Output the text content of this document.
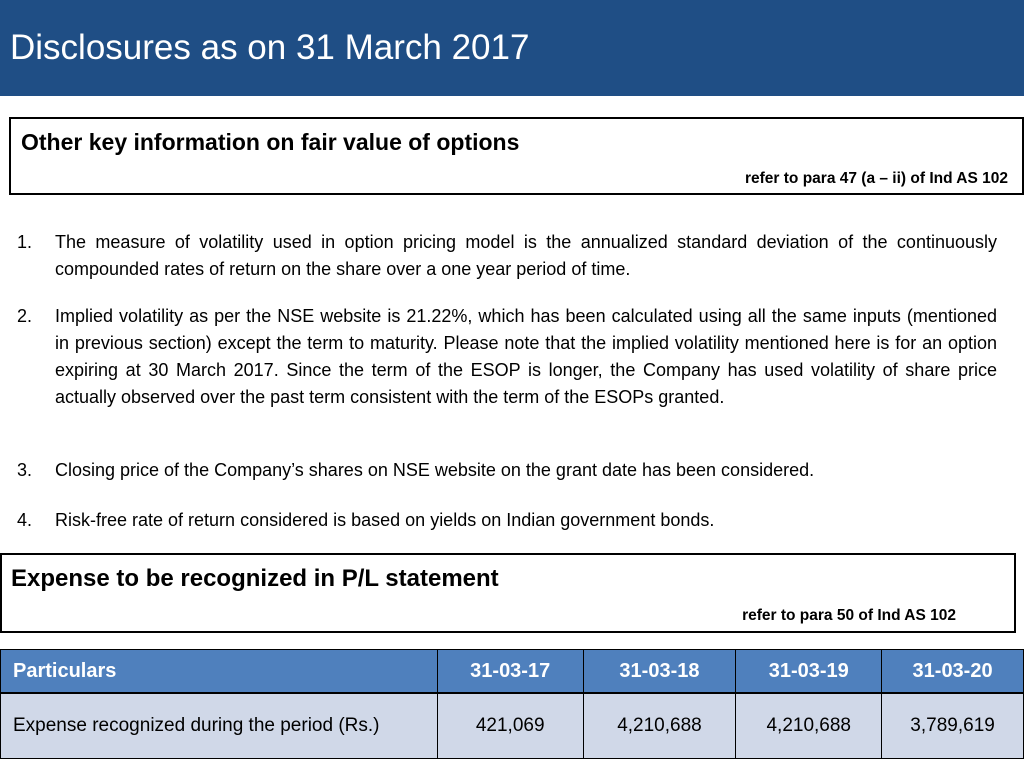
Disclosures as on 31 March 2017
Other key information on fair value of options
refer to para 47 (a – ii) of Ind AS 102
1. The measure of volatility used in option pricing model is the annualized standard deviation of the continuously compounded rates of return on the share over a one year period of time.
2. Implied volatility as per the NSE website is 21.22%, which has been calculated using all the same inputs (mentioned in previous section) except the term to maturity. Please note that the implied volatility mentioned here is for an option expiring at 30 March 2017. Since the term of the ESOP is longer, the Company has used volatility of share price actually observed over the past term consistent with the term of the ESOPs granted.
3. Closing price of the Company’s shares on NSE website on the grant date has been considered.
4. Risk-free rate of return considered is based on yields on Indian government bonds.
Expense to be recognized in P/L statement
refer to para 50 of Ind AS 102
Particulars	31-03-17	31-03-18	31-03-19	31-03-20
Expense recognized during the period (Rs.)	421,069	4,210,688	4,210,688	3,789,619
